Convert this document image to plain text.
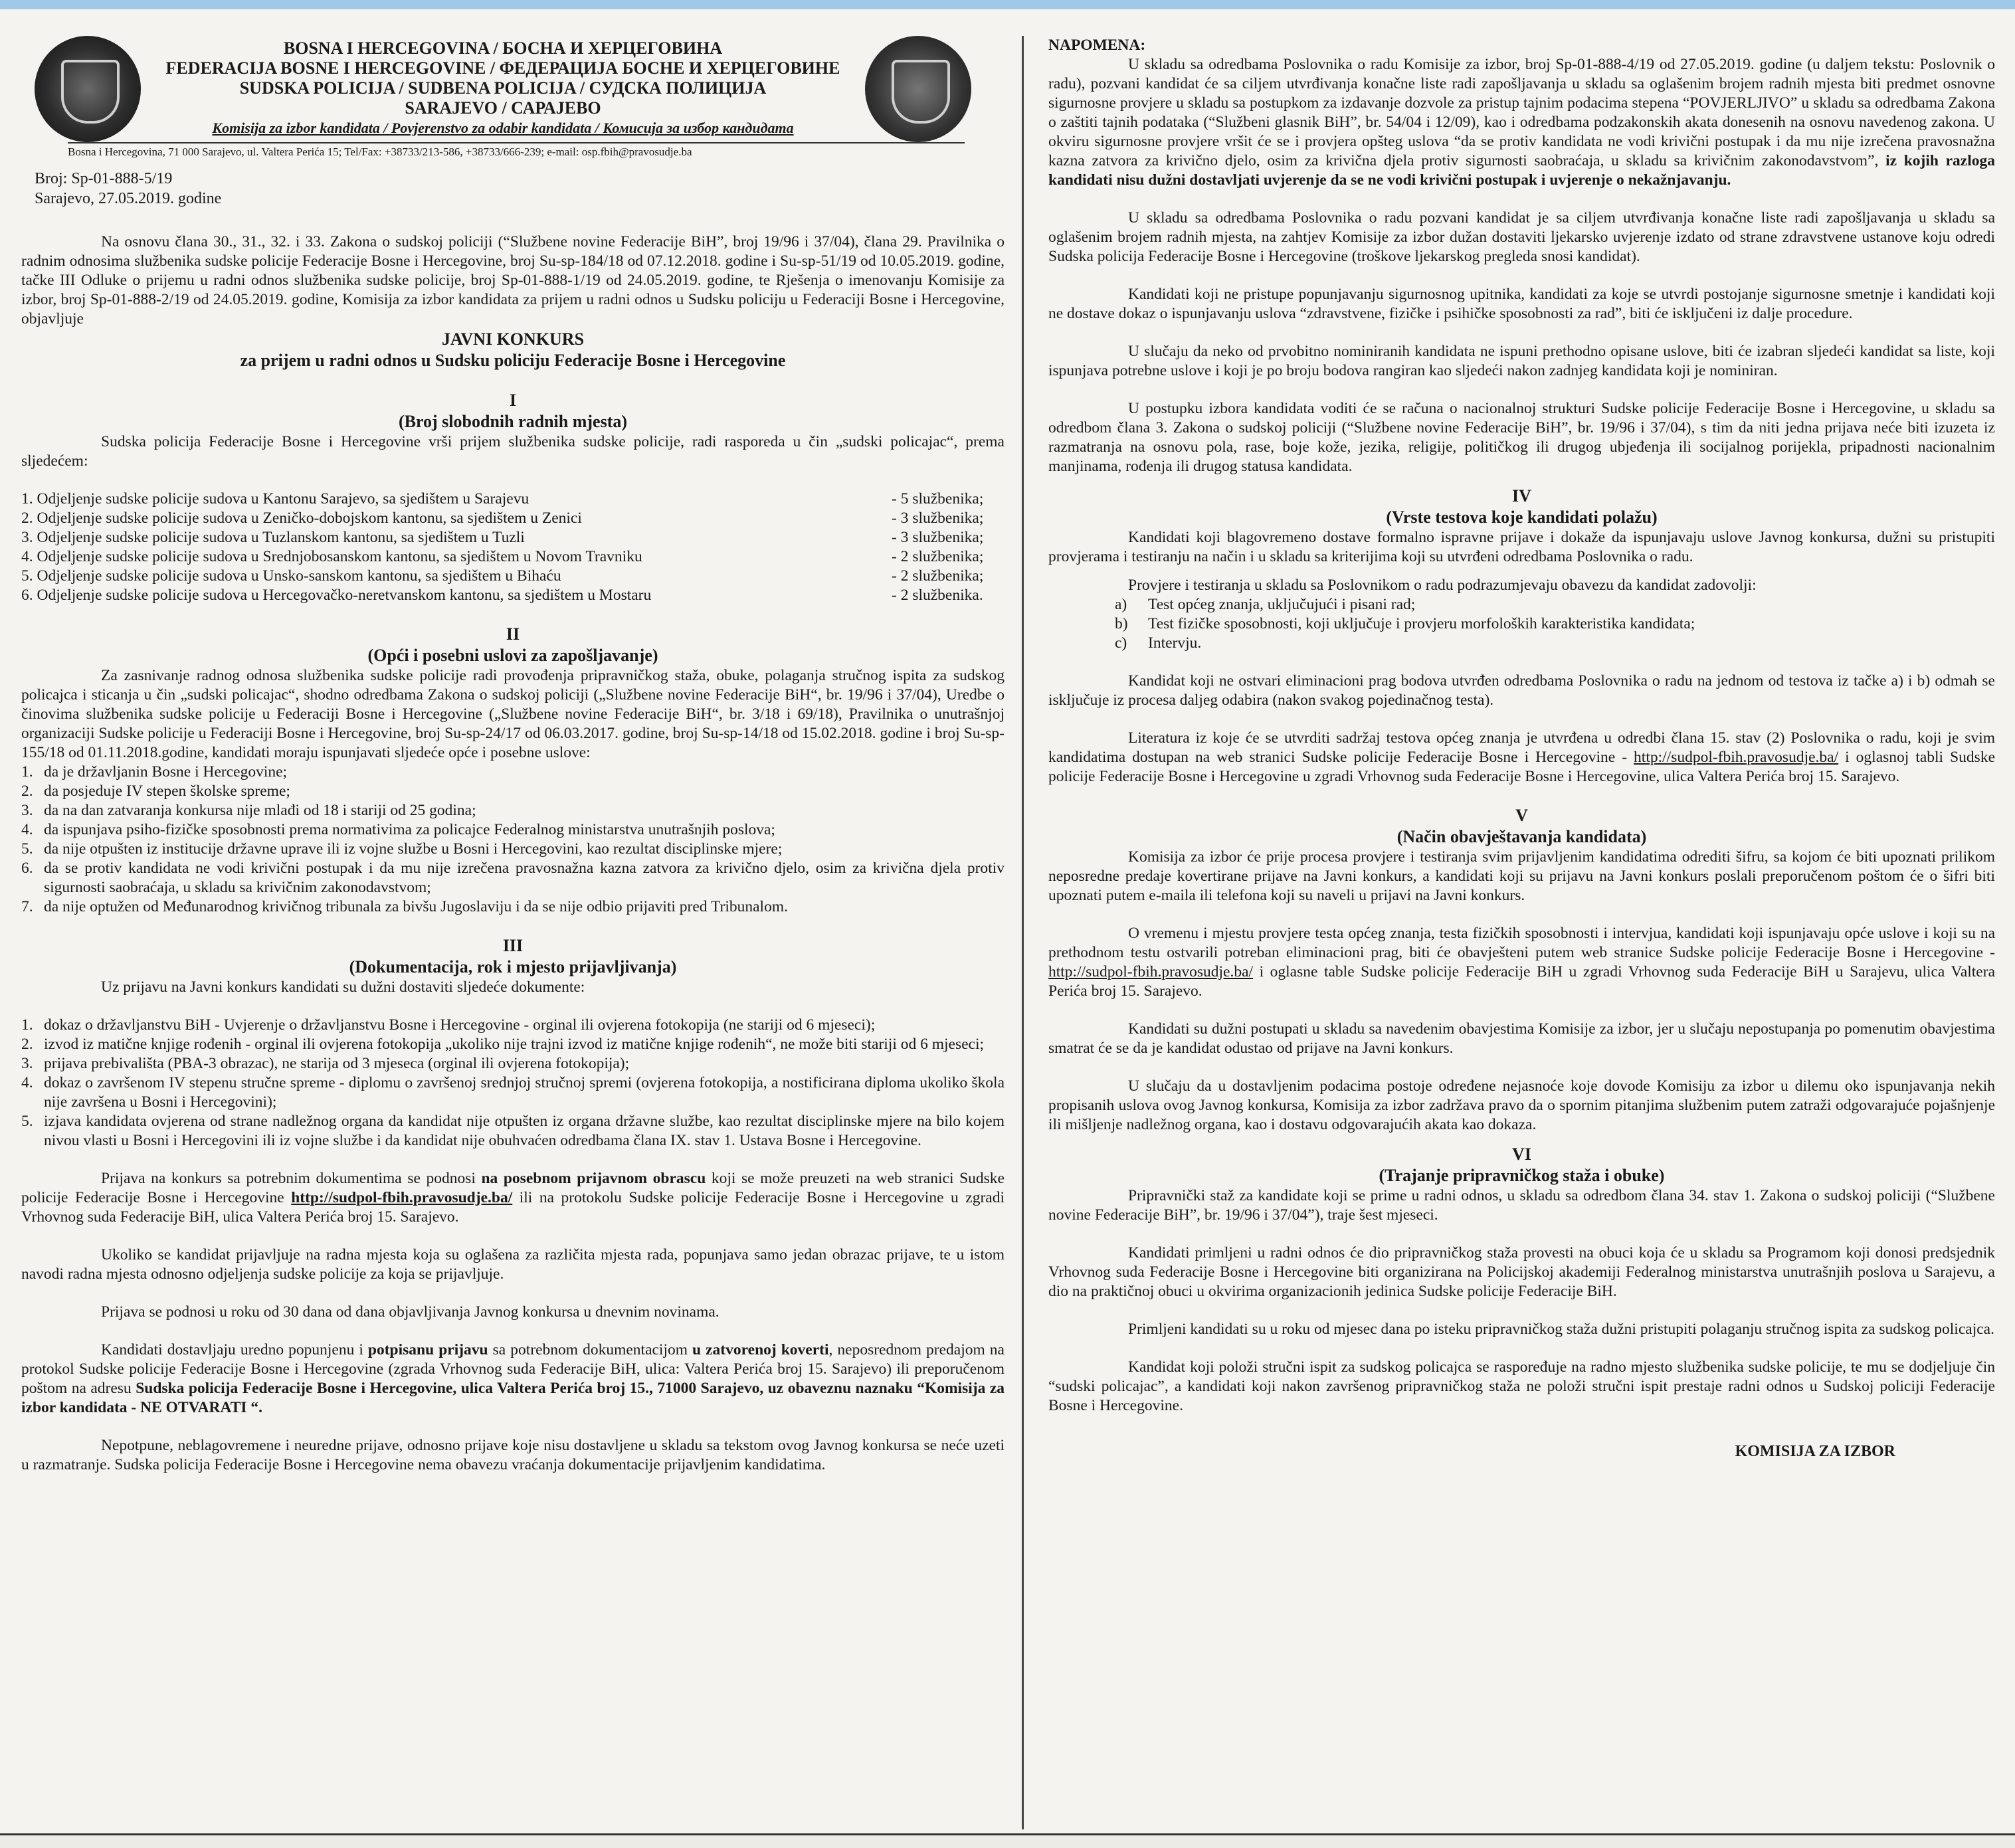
BOSNA I HERCEGOVINA / БОСНА И ХЕРЦЕГОВИНА
FEDERACIJA BOSNE I HERCEGOVINE / ФЕДЕРАЦИЈА БОСНЕ И ХЕРЦЕГОВИНЕ
SUDSKA POLICIJA / SUDBENA POLICIJA / СУДСКА ПОЛИЦИЈА
SARAJEVO / САРАЈЕВО
Komisija za izbor kandidata / Povjerenstvo za odabir kandidata / Комисија за избор кандидата
Bosna i Hercegovina, 71 000 Sarajevo, ul. Valtera Perića 15; Tel/Fax: +38733/213-586, +38733/666-239; e-mail: osp.fbih@pravosudje.ba
Broj: Sp-01-888-5/19
Sarajevo, 27.05.2019. godine

Na osnovu člana 30., 31., 32. i 33. Zakona o sudskoj policiji (“Službene novine Federacije BiH”, broj 19/96 i 37/04), člana 29. Pravilnika o radnim odnosima službenika sudske policije Federacije Bosne i Hercegovine, broj Su-sp-184/18 od 07.12.2018. godine i Su-sp-51/19 od 10.05.2019. godine, tačke III Odluke o prijemu u radni odnos službenika sudske policije, broj Sp-01-888-1/19 od 24.05.2019. godine, te Rješenja o imenovanju Komisije za izbor, broj Sp-01-888-2/19 od 24.05.2019. godine, Komisija za izbor kandidata za prijem u radni odnos u Sudsku policiju u Federaciji Bosne i Hercegovine, objavljuje

JAVNI KONKURS
za prijem u radni odnos u Sudsku policiju Federacije Bosne i Hercegovine
I
(Broj slobodnih radnih mjesta)

Sudska policija Federacije Bosne i Hercegovine vrši prijem službenika sudske policije, radi rasporeda u čin „sudski policajac“, prema sljedećem:

1. Odjeljenje sudske policije sudova u Kantonu Sarajevo, sa sjedištem u Sarajevu	- 5 službenika;
2. Odjeljenje sudske policije sudova u Zeničko-dobojskom kantonu, sa sjedištem u Zenici	- 3 službenika;
3. Odjeljenje sudske policije sudova u Tuzlanskom kantonu, sa sjedištem u Tuzli	- 3 službenika;
4. Odjeljenje sudske policije sudova u Srednjobosanskom kantonu, sa sjedištem u Novom Travniku	- 2 službenika;
5. Odjeljenje sudske policije sudova u Unsko-sanskom kantonu, sa sjedištem u Bihaću	- 2 službenika;
6. Odjeljenje sudske policije sudova u Hercegovačko-neretvanskom kantonu, sa sjedištem u Mostaru	- 2 službenika.
II
(Opći i posebni uslovi za zapošljavanje)

Za zasnivanje radnog odnosa službenika sudske policije radi provođenja pripravničkog staža, obuke, polaganja stručnog ispita za sudskog policajca i sticanja u čin „sudski policajac“, shodno odredbama Zakona o sudskoj policiji („Službene novine Federacije BiH“, br. 19/96 i 37/04), Uredbe o činovima službenika sudske policije u Federaciji Bosne i Hercegovine („Službene novine Federacije BiH“, br. 3/18 i 69/18), Pravilnika o unutrašnjoj organizaciji Sudske policije u Federaciji Bosne i Hercegovine, broj Su-sp-24/17 od 06.03.2017. godine, broj Su-sp-14/18 od 15.02.2018. godine i broj Su-sp-155/18 od 01.11.2018.godine, kandidati moraju ispunjavati sljedeće opće i posebne uslove:

1. da je državljanin Bosne i Hercegovine;
2. da posjeduje IV stepen školske spreme;
3. da na dan zatvaranja konkursa nije mlađi od 18 i stariji od 25 godina;
4. da ispunjava psiho-fizičke sposobnosti prema normativima za policajce Federalnog ministarstva unutrašnjih poslova;
5. da nije otpušten iz institucije državne uprave ili iz vojne službe u Bosni i Hercegovini, kao rezultat disciplinske mjere;
6. da se protiv kandidata ne vodi krivični postupak i da mu nije izrečena pravosnažna kazna zatvora za krivično djelo, osim za krivična djela protiv sigurnosti saobraćaja, u skladu sa krivičnim zakonodavstvom;
7. da nije optužen od Međunarodnog krivičnog tribunala za bivšu Jugoslaviju i da se nije odbio prijaviti pred Tribunalom.
III
(Dokumentacija, rok i mjesto prijavljivanja)

Uz prijavu na Javni konkurs kandidati su dužni dostaviti sljedeće dokumente:

1. dokaz o državljanstvu BiH - Uvjerenje o državljanstvu Bosne i Hercegovine - orginal ili ovjerena fotokopija (ne stariji od 6 mjeseci);
2. izvod iz matične knjige rođenih - orginal ili ovjerena fotokopija „ukoliko nije trajni izvod iz matične knjige rođenih“, ne može biti stariji od 6 mjeseci;
3. prijava prebivališta (PBA-3 obrazac), ne starija od 3 mjeseca (orginal ili ovjerena fotokopija);
4. dokaz o završenom IV stepenu stručne spreme - diplomu o završenoj srednjoj stručnoj spremi (ovjerena fotokopija, a nostificirana diploma ukoliko škola nije završena u Bosni i Hercegovini);
5. izjava kandidata ovjerena od strane nadležnog organa da kandidat nije otpušten iz organa državne službe, kao rezultat disciplinske mjere na bilo kojem nivou vlasti u Bosni i Hercegovini ili iz vojne službe i da kandidat nije obuhvaćen odredbama člana IX. stav 1. Ustava Bosne i Hercegovine.

Prijava na konkurs sa potrebnim dokumentima se podnosi na posebnom prijavnom obrascu koji se može preuzeti na web stranici Sudske policije Federacije Bosne i Hercegovine http://sudpol-fbih.pravosudje.ba/ ili na protokolu Sudske policije Federacije Bosne i Hercegovine u zgradi Vrhovnog suda Federacije BiH, ulica Valtera Perića broj 15. Sarajevo.

Ukoliko se kandidat prijavljuje na radna mjesta koja su oglašena za različita mjesta rada, popunjava samo jedan obrazac prijave, te u istom navodi radna mjesta odnosno odjeljenja sudske policije za koja se prijavljuje.

Prijava se podnosi u roku od 30 dana od dana objavljivanja Javnog konkursa u dnevnim novinama.

Kandidati dostavljaju uredno popunjenu i potpisanu prijavu sa potrebnom dokumentacijom u zatvorenoj koverti, neposrednom predajom na protokol Sudske policije Federacije Bosne i Hercegovine (zgrada Vrhovnog suda Federacije BiH, ulica: Valtera Perića broj 15. Sarajevo) ili preporučenom poštom na adresu Sudska policija Federacije Bosne i Hercegovine, ulica Valtera Perića broj 15., 71000 Sarajevo, uz obaveznu naznaku “Komisija za izbor kandidata - NE OTVARATI “.

Nepotpune, neblagovremene i neuredne prijave, odnosno prijave koje nisu dostavljene u skladu sa tekstom ovog Javnog konkursa se neće uzeti u razmatranje. Sudska policija Federacije Bosne i Hercegovine nema obavezu vraćanja dokumentacije prijavljenim kandidatima.

NAPOMENA:

U skladu sa odredbama Poslovnika o radu Komisije za izbor, broj Sp-01-888-4/19 od 27.05.2019. godine (u daljem tekstu: Poslovnik o radu), pozvani kandidat će sa ciljem utvrđivanja konačne liste radi zapošljavanja u skladu sa oglašenim brojem radnih mjesta biti predmet osnovne sigurnosne provjere u skladu sa postupkom za izdavanje dozvole za pristup tajnim podacima stepena “POVJERLJIVO” u skladu sa odredbama Zakona o zaštiti tajnih podataka (“Službeni glasnik BiH”, br. 54/04 i 12/09), kao i odredbama podzakonskih akata donesenih na osnovu navedenog zakona. U okviru sigurnosne provjere vršit će se i provjera opšteg uslova “da se protiv kandidata ne vodi krivični postupak i da mu nije izrečena pravosnažna kazna zatvora za krivično djelo, osim za krivična djela protiv sigurnosti saobraćaja, u skladu sa krivičnim zakonodavstvom”, iz kojih razloga kandidati nisu dužni dostavljati uvjerenje da se ne vodi krivični postupak i uvjerenje o nekažnjavanju.

U skladu sa odredbama Poslovnika o radu pozvani kandidat je sa ciljem utvrđivanja konačne liste radi zapošljavanja u skladu sa oglašenim brojem radnih mjesta, na zahtjev Komisije za izbor dužan dostaviti ljekarsko uvjerenje izdato od strane zdravstvene ustanove koju odredi Sudska policija Federacije Bosne i Hercegovine (troškove ljekarskog pregleda snosi kandidat).

Kandidati koji ne pristupe popunjavanju sigurnosnog upitnika, kandidati za koje se utvrdi postojanje sigurnosne smetnje i kandidati koji ne dostave dokaz o ispunjavanju uslova “zdravstvene, fizičke i psihičke sposobnosti za rad”, biti će isključeni iz dalje procedure.

U slučaju da neko od prvobitno nominiranih kandidata ne ispuni prethodno opisane uslove, biti će izabran sljedeći kandidat sa liste, koji ispunjava potrebne uslove i koji je po broju bodova rangiran kao sljedeći nakon zadnjeg kandidata koji je nominiran.

U postupku izbora kandidata voditi će se računa o nacionalnoj strukturi Sudske policije Federacije Bosne i Hercegovine, u skladu sa odredbom člana 3. Zakona o sudskoj policiji (“Službene novine Federacije BiH”, br. 19/96 i 37/04), s tim da niti jedna prijava neće biti izuzeta iz razmatranja na osnovu pola, rase, boje kože, jezika, religije, političkog ili drugog ubjeđenja ili socijalnog porijekla, pripadnosti nacionalnim manjinama, rođenja ili drugog statusa kandidata.

IV
(Vrste testova koje kandidati polažu)

Kandidati koji blagovremeno dostave formalno ispravne prijave i dokaže da ispunjavaju uslove Javnog konkursa, dužni su pristupiti provjerama i testiranju na način i u skladu sa kriterijima koji su utvrđeni odredbama Poslovnika o radu.

Provjere i testiranja u skladu sa Poslovnikom o radu podrazumjevaju obavezu da kandidat zadovolji:

a)	Test općeg znanja, uključujući i pisani rad;
b)	Test fizičke sposobnosti, koji uključuje i provjeru morfoloških karakteristika kandidata;
c)	Intervju.

Kandidat koji ne ostvari eliminacioni prag bodova utvrđen odredbama Poslovnika o radu na jednom od testova iz tačke a) i b) odmah se isključuje iz procesa daljeg odabira (nakon svakog pojedinačnog testa).

Literatura iz koje će se utvrditi sadržaj testova općeg znanja je utvrđena u odredbi člana 15. stav (2) Poslovnika o radu, koji je svim kandidatima dostupan na web stranici Sudske policije Federacije Bosne i Hercegovine - http://sudpol-fbih.pravosudje.ba/ i oglasnoj tabli Sudske policije Federacije Bosne i Hercegovine u zgradi Vrhovnog suda Federacije Bosne i Hercegovine, ulica Valtera Perića broj 15. Sarajevo.

V
(Način obavještavanja kandidata)

Komisija za izbor će prije procesa provjere i testiranja svim prijavljenim kandidatima odrediti šifru, sa kojom će biti upoznati prilikom neposredne predaje kovertirane prijave na Javni konkurs, a kandidati koji su prijavu na Javni konkurs poslali preporučenom poštom će o šifri biti upoznati putem e-maila ili telefona koji su naveli u prijavi na Javni konkurs.

O vremenu i mjestu provjere testa općeg znanja, testa fizičkih sposobnosti i intervjua, kandidati koji ispunjavaju opće uslove i koji su na prethodnom testu ostvarili potreban eliminacioni prag, biti će obavješteni putem web stranice Sudske policije Federacije Bosne i Hercegovine - http://sudpol-fbih.pravosudje.ba/ i oglasne table Sudske policije Federacije BiH u zgradi Vrhovnog suda Federacije BiH u Sarajevu, ulica Valtera Perića broj 15. Sarajevo.

Kandidati su dužni postupati u skladu sa navedenim obavjestima Komisije za izbor, jer u slučaju nepostupanja po pomenutim obavjestima smatrat će se da je kandidat odustao od prijave na Javni konkurs.

U slučaju da u dostavljenim podacima postoje određene nejasnoće koje dovode Komisiju za izbor u dilemu oko ispunjavanja nekih propisanih uslova ovog Javnog konkursa, Komisija za izbor zadržava pravo da o spornim pitanjima službenim putem zatraži odgovarajuće pojašnjenje ili mišljenje nadležnog organa, kao i dostavu odgovarajućih akata kao dokaza.

VI
(Trajanje pripravničkog staža i obuke)

Pripravnički staž za kandidate koji se prime u radni odnos, u skladu sa odredbom člana 34. stav 1. Zakona o sudskoj policiji (“Službene novine Federacije BiH”, br. 19/96 i 37/04”), traje šest mjeseci.

Kandidati primljeni u radni odnos će dio pripravničkog staža provesti na obuci koja će u skladu sa Programom koji donosi predsjednik Vrhovnog suda Federacije Bosne i Hercegovine biti organizirana na Policijskoj akademiji Federalnog ministarstva unutrašnjih poslova u Sarajevu, a dio na praktičnoj obuci u okvirima organizacionih jedinica Sudske policije Federacije BiH.

Primljeni kandidati su u roku od mjesec dana po isteku pripravničkog staža dužni pristupiti polaganju stručnog ispita za sudskog policajca.

Kandidat koji položi stručni ispit za sudskog policajca se raspoređuje na radno mjesto službenika sudske policije, te mu se dodjeljuje čin “sudski policajac”, a kandidati koji nakon završenog pripravničkog staža ne položi stručni ispit prestaje radni odnos u Sudskoj policiji Federacije Bosne i Hercegovine.

KOMISIJA ZA IZBOR
